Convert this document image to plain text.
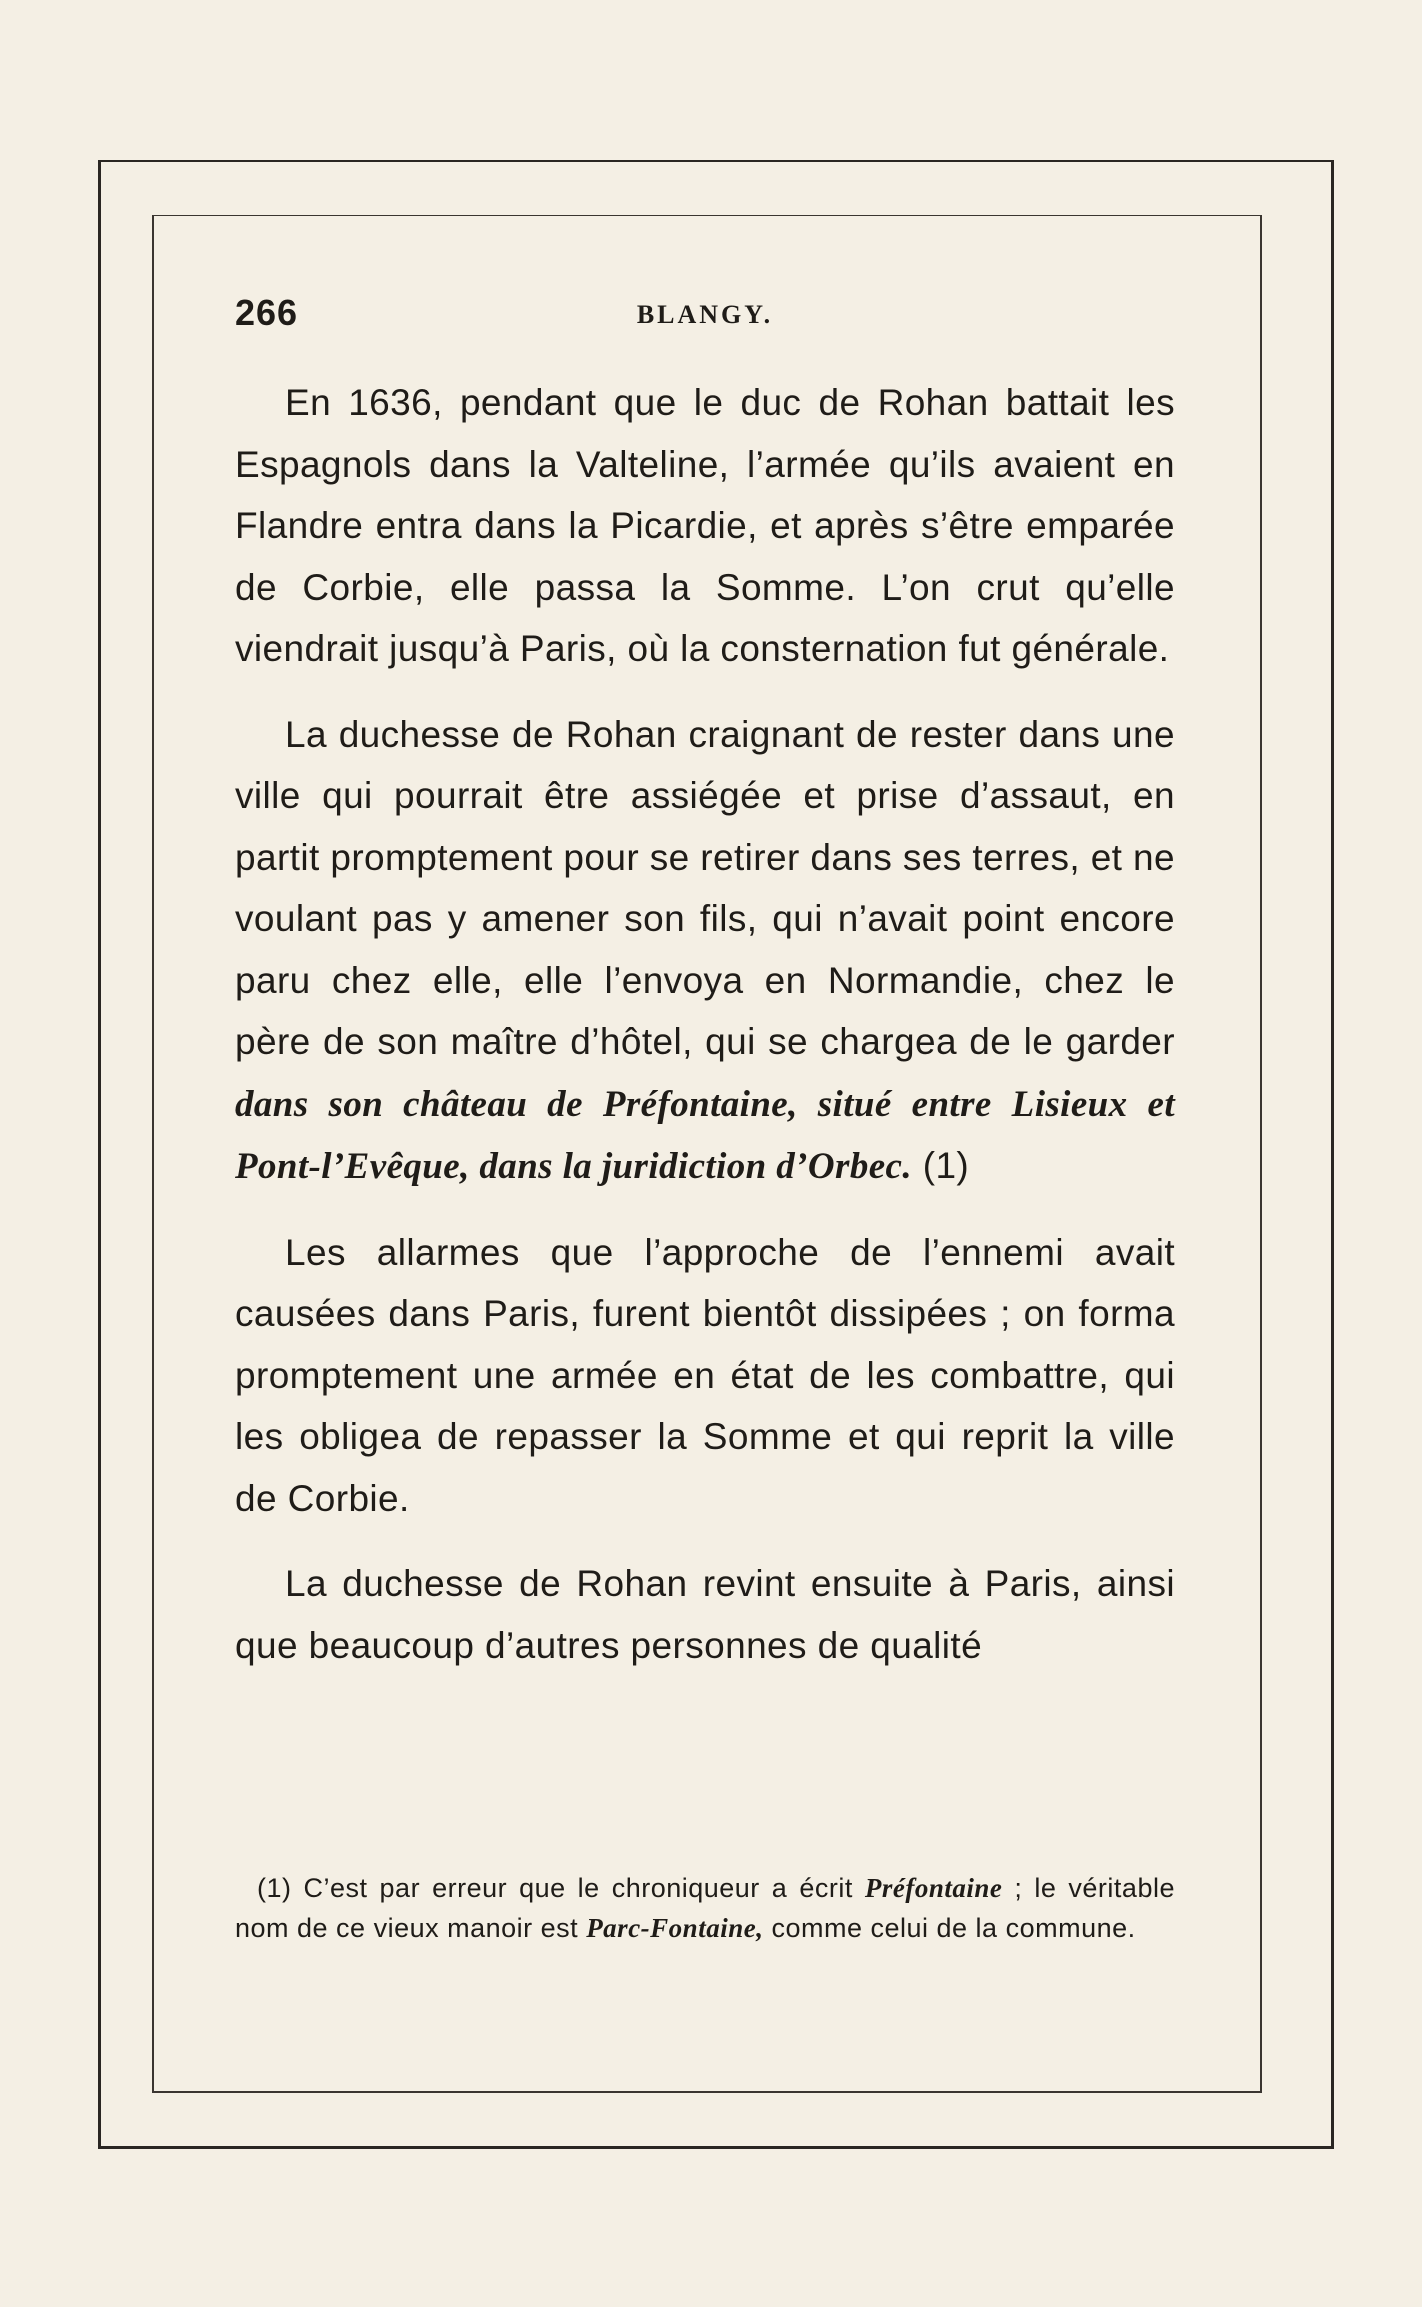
266	BLANGY.

En 1636, pendant que le duc de Rohan battait les Espagnols dans la Valteline, l’armée qu’ils avaient en Flandre entra dans la Picardie, et après s’être emparée de Corbie, elle passa la Somme. L’on crut qu’elle viendrait jusqu’à Paris, où la consternation fut générale.

La duchesse de Rohan craignant de rester dans une ville qui pourrait être assiégée et prise d’assaut, en partit promptement pour se retirer dans ses terres, et ne voulant pas y amener son fils, qui n’avait point encore paru chez elle, elle l’envoya en Normandie, chez le père de son maître d’hôtel, qui se chargea de le garder dans son château de Préfontaine, situé entre Lisieux et Pont-l’Evêque, dans la juridiction d’Orbec. (1)

Les allarmes que l’approche de l’ennemi avait causées dans Paris, furent bientôt dissipées ; on forma promptement une armée en état de les combattre, qui les obligea de repasser la Somme et qui reprit la ville de Corbie.

La duchesse de Rohan revint ensuite à Paris, ainsi que beaucoup d’autres personnes de qualité

(1) C’est par erreur que le chroniqueur a écrit Préfontaine ; le véritable nom de ce vieux manoir est Parc-Fontaine, comme celui de la commune.
